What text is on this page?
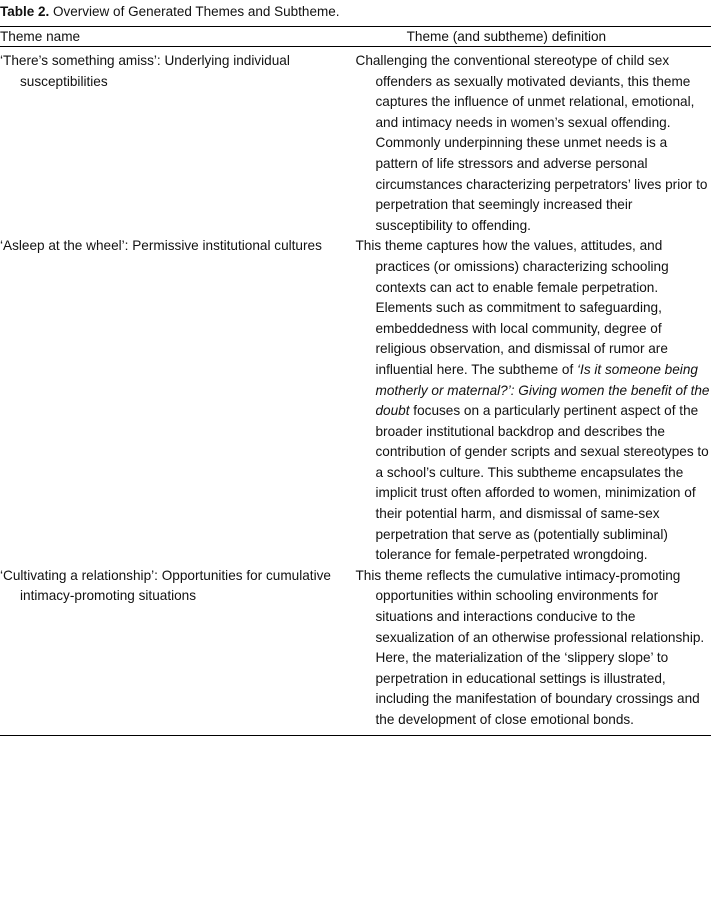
Table 2. Overview of Generated Themes and Subtheme.
Theme name	Theme (and subtheme) definition

‘There’s something amiss’: Underlying individual susceptibilities	Challenging the conventional stereotype of child sex offenders as sexually motivated deviants, this theme captures the influence of unmet relational, emotional, and intimacy needs in women’s sexual offending. Commonly underpinning these unmet needs is a pattern of life stressors and adverse personal circumstances characterizing perpetrators’ lives prior to perpetration that seemingly increased their susceptibility to offending.

‘Asleep at the wheel’: Permissive institutional cultures	This theme captures how the values, attitudes, and practices (or omissions) characterizing schooling contexts can act to enable female perpetration. Elements such as commitment to safeguarding, embeddedness with local community, degree of religious observation, and dismissal of rumor are influential here. The subtheme of ‘Is it someone being motherly or maternal?’: Giving women the benefit of the doubt focuses on a particularly pertinent aspect of the broader institutional backdrop and describes the contribution of gender scripts and sexual stereotypes to a school’s culture. This subtheme encapsulates the implicit trust often afforded to women, minimization of their potential harm, and dismissal of same-sex perpetration that serve as (potentially subliminal) tolerance for female-perpetrated wrongdoing.

‘Cultivating a relationship’: Opportunities for cumulative intimacy-promoting situations	This theme reflects the cumulative intimacy-promoting opportunities within schooling environments for situations and interactions conducive to the sexualization of an otherwise professional relationship. Here, the materialization of the ‘slippery slope’ to perpetration in educational settings is illustrated, including the manifestation of boundary crossings and the development of close emotional bonds.
